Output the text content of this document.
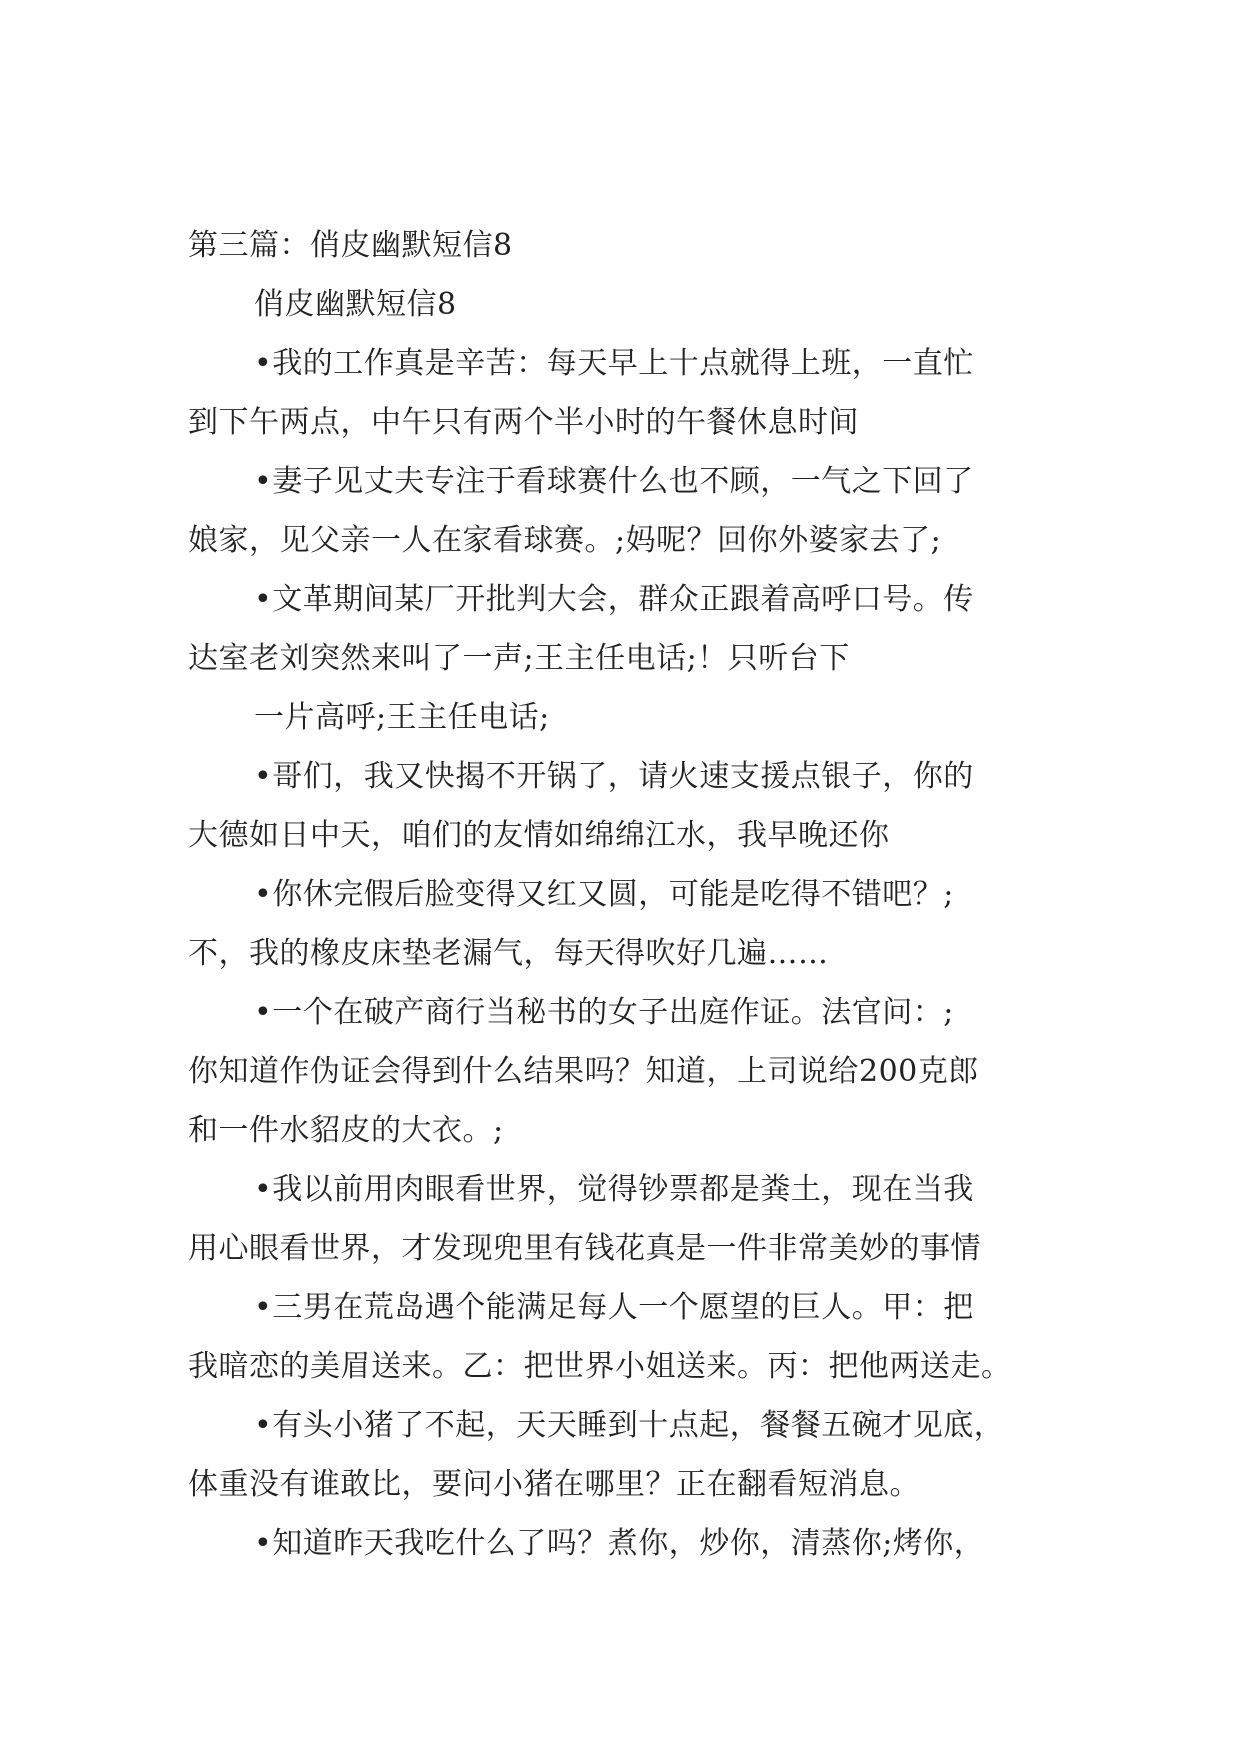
第三篇：俏皮幽默短信8
俏皮幽默短信8
•我的工作真是辛苦：每天早上十点就得上班，一直忙
到下午两点，中午只有两个半小时的午餐休息时间
•妻子见丈夫专注于看球赛什么也不顾，一气之下回了
娘家，见父亲一人在家看球赛。;妈呢？回你外婆家去了;
•文革期间某厂开批判大会，群众正跟着高呼口号。传
达室老刘突然来叫了一声;王主任电话;！只听台下
一片高呼;王主任电话;
•哥们，我又快揭不开锅了，请火速支援点银子，你的
大德如日中天，咱们的友情如绵绵江水，我早晚还你
•你休完假后脸变得又红又圆，可能是吃得不错吧？;
不，我的橡皮床垫老漏气，每天得吹好几遍……
•一个在破产商行当秘书的女子出庭作证。法官问：;
你知道作伪证会得到什么结果吗？知道，上司说给200克郎
和一件水貂皮的大衣。;
•我以前用肉眼看世界，觉得钞票都是粪土，现在当我
用心眼看世界，才发现兜里有钱花真是一件非常美妙的事情
•三男在荒岛遇个能满足每人一个愿望的巨人。甲：把
我暗恋的美眉送来。乙：把世界小姐送来。丙：把他两送走。
•有头小猪了不起，天天睡到十点起，餐餐五碗才见底，
体重没有谁敢比，要问小猪在哪里？正在翻看短消息。
•知道昨天我吃什么了吗？煮你，炒你，清蒸你;烤你，
